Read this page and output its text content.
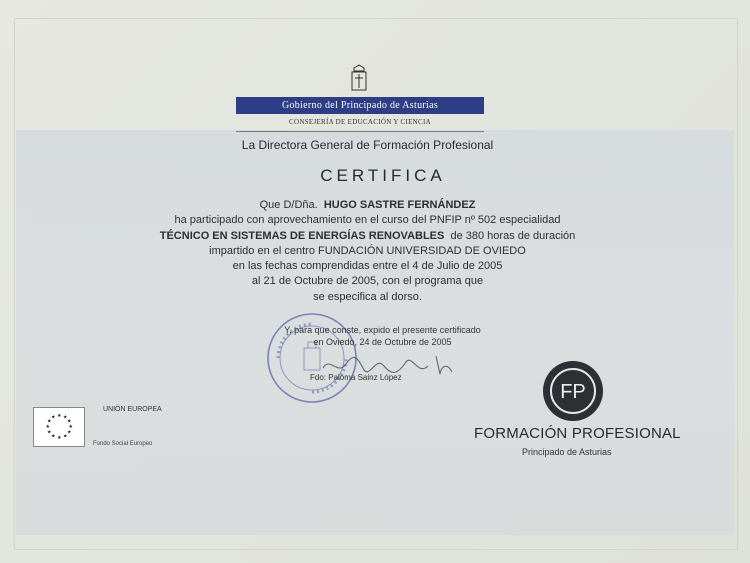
Gobierno del Principado de Asturias
CONSEJERÍA DE EDUCACIÓN Y CIENCIA
La Directora General de Formación Profesional
CERTIFICA
Que D/Dña. HUGO SASTRE FERNÁNDEZ
ha participado con aprovechamiento en el curso del PNFIP nº 502 especialidad
TÉCNICO EN SISTEMAS DE ENERGÍAS RENOVABLES de 380 horas de duración
impartido en el centro FUNDACIÓN UNIVERSIDAD DE OVIEDO
en las fechas comprendidas entre el 4 de Julio de 2005
al 21 de Octubre de 2005, con el programa que
se especifica al dorso.
Y, para que conste, expido el presente certificado
en Oviedo, 24 de Octubre de 2005
Fdo: Paloma Sainz López
★ ★
★
★
★
★
★
★
★
★
★
★
UNIÓN EUROPEA
Fondo Social Europeo
FP
FORMACIÓN PROFESIONAL
Principado de Asturias
